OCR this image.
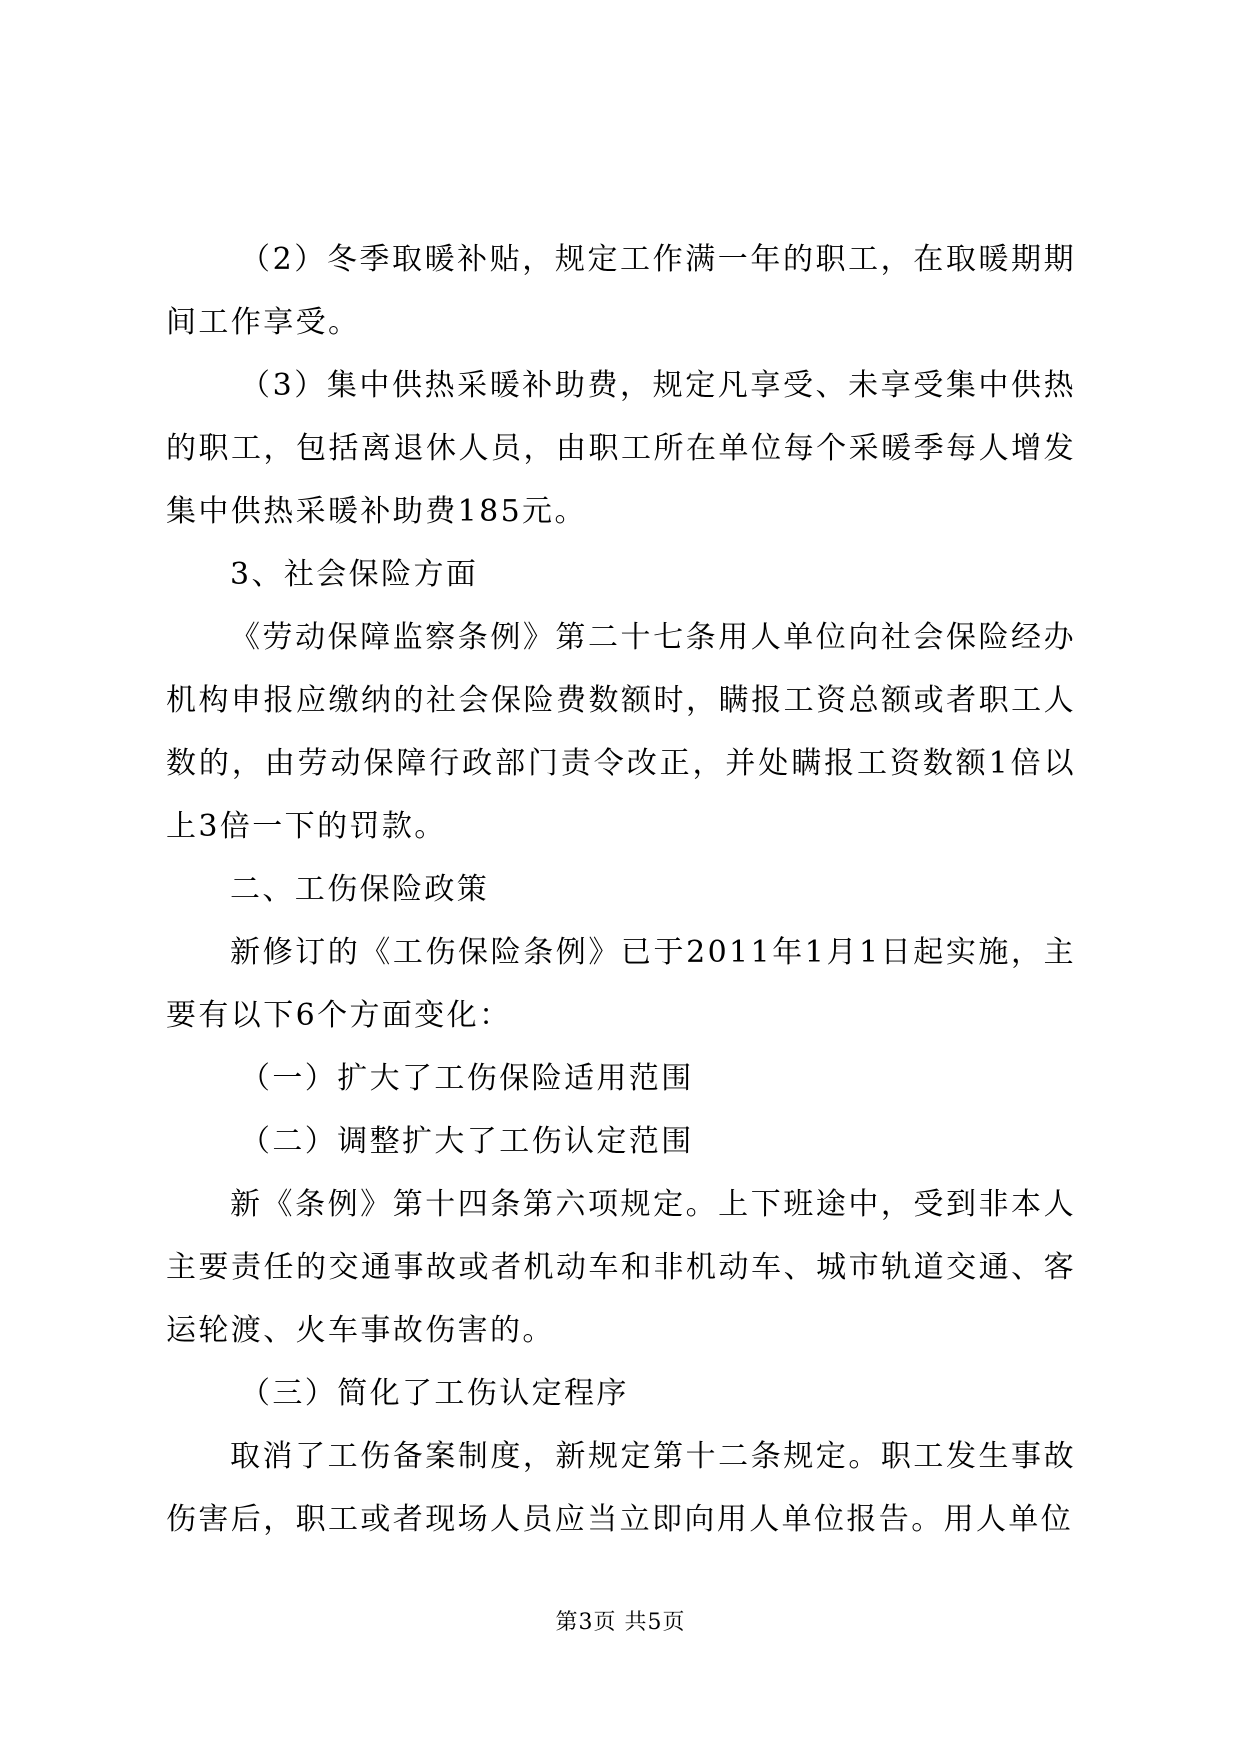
（2）冬季取暖补贴，规定工作满一年的职工，在取暖期期间工作享受。

（3）集中供热采暖补助费，规定凡享受、未享受集中供热的职工，包括离退休人员，由职工所在单位每个采暖季每人增发集中供热采暖补助费185元。

3、社会保险方面

《劳动保障监察条例》第二十七条用人单位向社会保险经办机构申报应缴纳的社会保险费数额时，瞒报工资总额或者职工人数的，由劳动保障行政部门责令改正，并处瞒报工资数额1倍以上3倍一下的罚款。

二、工伤保险政策

新修订的《工伤保险条例》已于2011年1月1日起实施，主要有以下6个方面变化：

（一）扩大了工伤保险适用范围

（二）调整扩大了工伤认定范围

新《条例》第十四条第六项规定。上下班途中，受到非本人主要责任的交通事故或者机动车和非机动车、城市轨道交通、客运轮渡、火车事故伤害的。

（三）简化了工伤认定程序

取消了工伤备案制度，新规定第十二条规定。职工发生事故伤害后，职工或者现场人员应当立即向用人单位报告。用人单位

第3页 共5页
